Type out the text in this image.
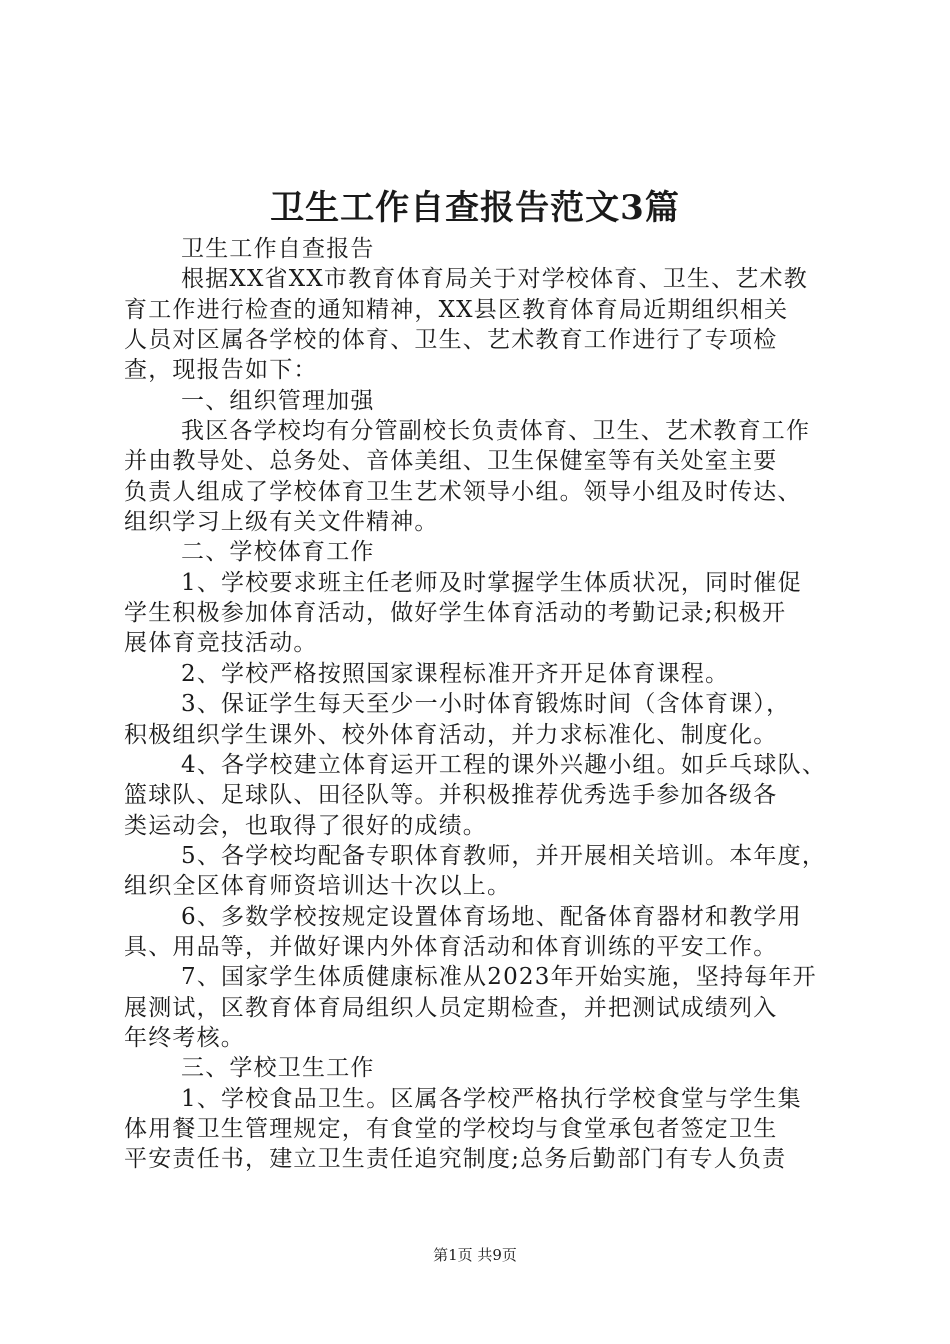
卫生工作自查报告范文3篇
卫生工作自查报告
根据XX省XX市教育体育局关于对学校体育、卫生、艺术教
育工作进行检查的通知精神，XX县区教育体育局近期组织相关
人员对区属各学校的体育、卫生、艺术教育工作进行了专项检
查，现报告如下：
一、组织管理加强
我区各学校均有分管副校长负责体育、卫生、艺术教育工作
并由教导处、总务处、音体美组、卫生保健室等有关处室主要
负责人组成了学校体育卫生艺术领导小组。领导小组及时传达、
组织学习上级有关文件精神。
二、学校体育工作
1、学校要求班主任老师及时掌握学生体质状况，同时催促
学生积极参加体育活动，做好学生体育活动的考勤记录;积极开
展体育竞技活动。
2、学校严格按照国家课程标准开齐开足体育课程。
3、保证学生每天至少一小时体育锻炼时间（含体育课），
积极组织学生课外、校外体育活动，并力求标准化、制度化。
4、各学校建立体育运开工程的课外兴趣小组。如乒乓球队、
篮球队、足球队、田径队等。并积极推荐优秀选手参加各级各
类运动会，也取得了很好的成绩。
5、各学校均配备专职体育教师，并开展相关培训。本年度，
组织全区体育师资培训达十次以上。
6、多数学校按规定设置体育场地、配备体育器材和教学用
具、用品等，并做好课内外体育活动和体育训练的平安工作。
7、国家学生体质健康标准从2023年开始实施，坚持每年开
展测试，区教育体育局组织人员定期检查，并把测试成绩列入
年终考核。
三、学校卫生工作
1、学校食品卫生。区属各学校严格执行学校食堂与学生集
体用餐卫生管理规定，有食堂的学校均与食堂承包者签定卫生
平安责任书，建立卫生责任追究制度;总务后勤部门有专人负责
第1页 共9页
